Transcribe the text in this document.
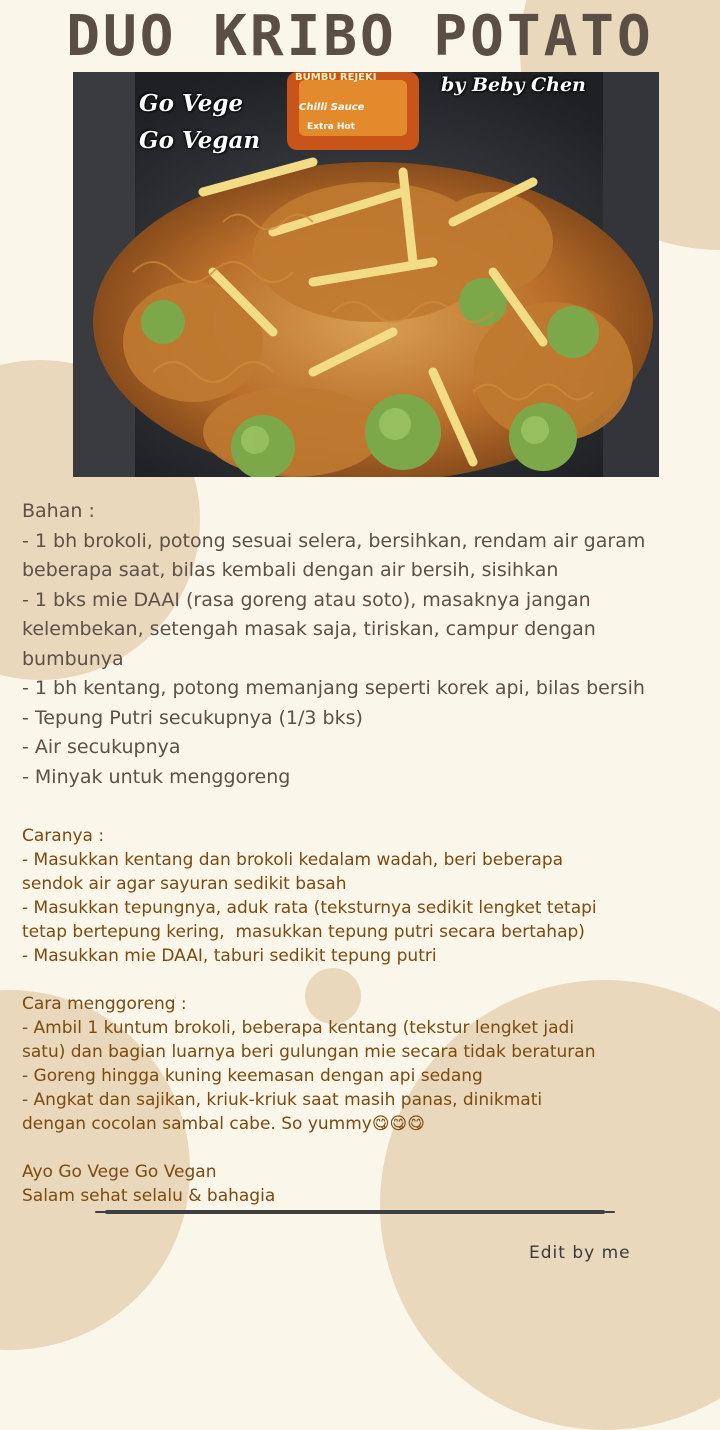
DUO KRIBO POTATO
BUMBU REJEKI
Chilli Sauce
Extra Hot
Go Vege
Go Vegan
by Beby Chen
Bahan :
- 1 bh brokoli, potong sesuai selera, bersihkan, rendam air garam
beberapa saat, bilas kembali dengan air bersih, sisihkan
- 1 bks mie DAAI (rasa goreng atau soto), masaknya jangan
kelembekan, setengah masak saja, tiriskan, campur dengan
bumbunya
- 1 bh kentang, potong memanjang seperti korek api, bilas bersih
- Tepung Putri secukupnya (1/3 bks)
- Air secukupnya
- Minyak untuk menggoreng
Caranya :
- Masukkan kentang dan brokoli kedalam wadah, beri beberapa
sendok air agar sayuran sedikit basah
- Masukkan tepungnya, aduk rata (teksturnya sedikit lengket tetapi
tetap bertepung kering,  masukkan tepung putri secara bertahap)
- Masukkan mie DAAI, taburi sedikit tepung putri
Cara menggoreng :
- Ambil 1 kuntum brokoli, beberapa kentang (tekstur lengket jadi
satu) dan bagian luarnya beri gulungan mie secara tidak beraturan
- Goreng hingga kuning keemasan dengan api sedang
- Angkat dan sajikan, kriuk-kriuk saat masih panas, dinikmati
dengan cocolan sambal cabe. So yummy😋😋😋
Ayo Go Vege Go Vegan
Salam sehat selalu & bahagia
Edit by me
